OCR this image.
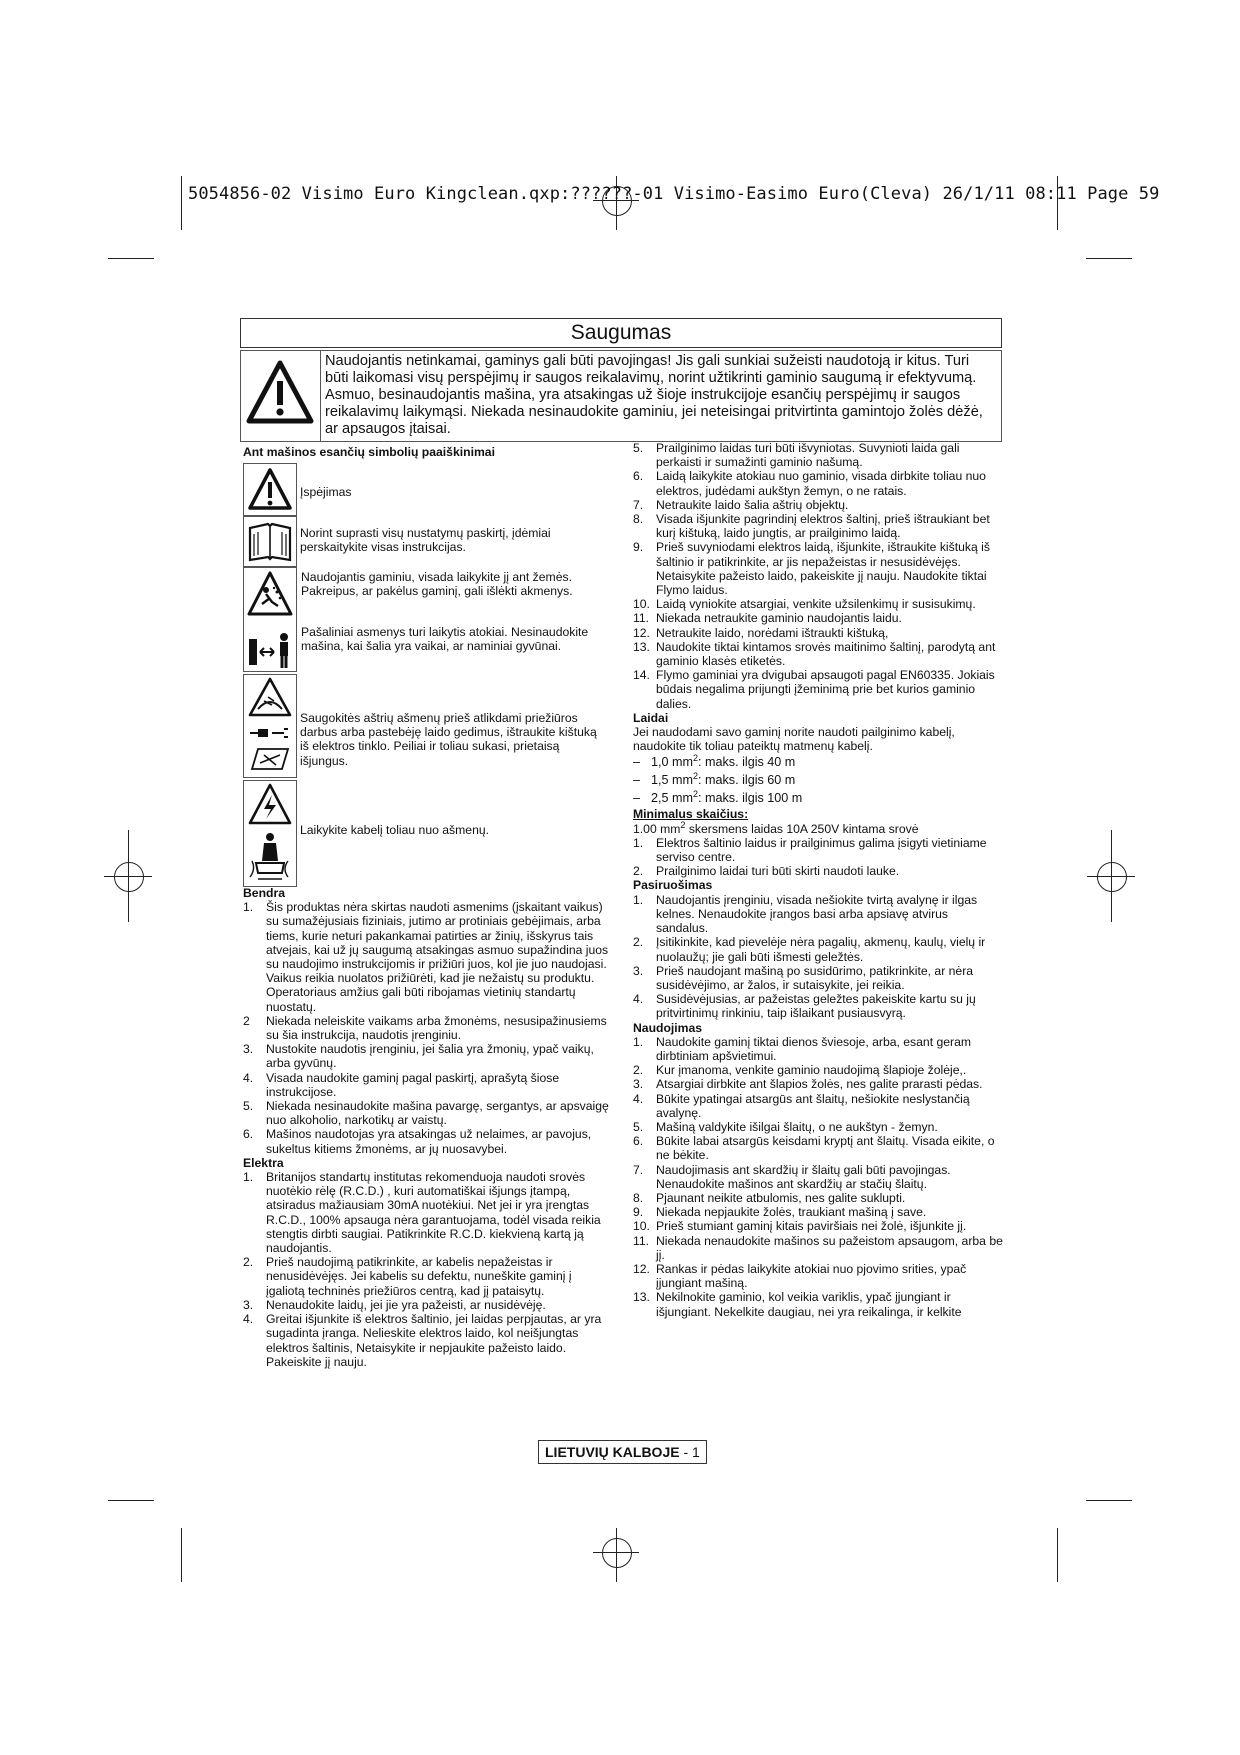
5054856-02 Visimo Euro Kingclean.qxp:??????-01 Visimo-Easimo Euro(Cleva) 26/1/11 08:11 Page 59
Saugumas
Naudojantis netinkamai, gaminys gali būti pavojingas! Jis gali sunkiai sužeisti naudotoją ir kitus. Turi būti laikomasi visų perspėjimų ir saugos reikalavimų, norint užtikrinti gaminio saugumą ir efektyvumą. Asmuo, besinaudojantis mašina, yra atsakingas už šioje instrukcijoje esančių perspėjimų ir saugos reikalavimų laikymąsi. Niekada nesinaudokite gaminiu, jei neteisingai pritvirtinta gamintojo žolės dėžė, ar apsaugos įtaisai.
Ant mašinos esančių simbolių paaiškinimai
Įspėjimas
Norint suprasti visų nustatymų paskirtį, įdėmiai perskaitykite visas instrukcijas.

Naudojantis gaminiu, visada laikykite jį ant žemės. Pakreipus, ar pakėlus gaminį, gali išlėkti akmenys.
Pašaliniai asmenys turi laikytis atokiai. Nesinaudokite mašina, kai šalia yra vaikai, ar naminiai gyvūnai.
Saugokitės aštrių ašmenų prieš atlikdami priežiūros darbus arba pastebėję laido gedimus, ištraukite kištuką iš elektros tinklo. Peiliai ir toliau sukasi, prietaisą išjungus.
Laikykite kabelį toliau nuo ašmenų.
Bendra
1. Šis produktas nėra skirtas naudoti asmenims (įskaitant vaikus) su sumažėjusiais fiziniais, jutimo ar protiniais gebėjimais, arba tiems, kurie neturi pakankamai patirties ar žinių, išskyrus tais atvejais, kai už jų saugumą atsakingas asmuo supažindina juos su naudojimo instrukcijomis ir prižiūri juos, kol jie juo naudojasi. Vaikus reikia nuolatos prižiūrėti, kad jie nežaistų su produktu. Operatoriaus amžius gali būti ribojamas vietinių standartų nuostatų.
2 Niekada neleiskite vaikams arba žmonėms, nesusipažinusiems su šia instrukcija, naudotis įrenginiu.
3. Nustokite naudotis įrenginiu, jei šalia yra žmonių, ypač vaikų, arba gyvūnų.
4. Visada naudokite gaminį pagal paskirtį, aprašytą šiose instrukcijose.
5. Niekada nesinaudokite mašina pavargę, sergantys, ar apsvaigę nuo alkoholio, narkotikų ar vaistų.
6. Mašinos naudotojas yra atsakingas už nelaimes, ar pavojus, sukeltus kitiems žmonėms, ar jų nuosavybei.
Elektra
1. Britanijos standartų institutas rekomenduoja naudoti srovės nuotėkio rėlę (R.C.D.) , kuri automatiškai išjungs įtampą, atsiradus mažiausiam 30mA nuotėkiui. Net jei ir yra įrengtas R.C.D., 100% apsauga nėra garantuojama, todėl visada reikia stengtis dirbti saugiai. Patikrinkite R.C.D. kiekvieną kartą ją naudojantis.
2. Prieš naudojimą patikrinkite, ar kabelis nepažeistas ir nenusidėvėjęs. Jei kabelis su defektu, nuneškite gaminį į įgaliotą techninės priežiūros centrą, kad jį pataisytų.
3. Nenaudokite laidų, jei jie yra pažeisti, ar nusidėvėję.
4. Greitai išjunkite iš elektros šaltinio, jei laidas perpjautas, ar yra sugadinta įranga. Nelieskite elektros laido, kol neišjungtas elektros šaltinis, Netaisykite ir nepjaukite pažeisto laido. Pakeiskite jį nauju.
5. Prailginimo laidas turi būti išvyniotas. Suvynioti laida gali perkaisti ir sumažinti gaminio našumą.
6. Laidą laikykite atokiau nuo gaminio, visada dirbkite toliau nuo elektros, judėdami aukštyn žemyn, o ne ratais.
7. Netraukite laido šalia aštrių objektų.
8. Visada išjunkite pagrindinį elektros šaltinį, prieš ištraukiant bet kurį kištuką, laido jungtis, ar prailginimo laidą.
9. Prieš suvyniodami elektros laidą, išjunkite, ištraukite kištuką iš šaltinio ir patikrinkite, ar jis nepažeistas ir nesusidėvėjęs. Netaisykite pažeisto laido, pakeiskite jį nauju. Naudokite tiktai Flymo laidus.
10. Laidą vyniokite atsargiai, venkite užsilenkimų ir susisukimų.
11. Niekada netraukite gaminio naudojantis laidu.
12. Netraukite laido, norėdami ištraukti kištuką,
13. Naudokite tiktai kintamos srovės maitinimo šaltinį, parodytą ant gaminio klasės etiketės.
14. Flymo gaminiai yra dvigubai apsaugoti pagal EN60335. Jokiais būdais negalima prijungti įžeminimą prie bet kurios gaminio dalies.
Laidai
Jei naudodami savo gaminį norite naudoti pailginimo kabelį, naudokite tik toliau pateiktų matmenų kabelį.
– 1,0 $mm^2$: maks. ilgis 40 m
– 1,5 $mm^2$: maks. ilgis 60 m
– 2,5 $mm^2$: maks. ilgis 100 m
Minimalus skaičius:
1.00 $mm^2$ skersmens laidas 10A 250V kintama srovė
1. Elektros šaltinio laidus ir prailginimus galima įsigyti vietiniame serviso centre.
2. Prailginimo laidai turi būti skirti naudoti lauke.
Pasiruošimas
1. Naudojantis įrenginiu, visada nešiokite tvirtą avalynę ir ilgas kelnes. Nenaudokite įrangos basi arba apsiavę atvirus sandalus.
2. Įsitikinkite, kad pievelėje nėra pagalių, akmenų, kaulų, vielų ir nuolaužų; jie gali būti išmesti geležtės.
3. Prieš naudojant mašiną po susidūrimo, patikrinkite, ar nėra susidėvėjimo, ar žalos, ir sutaisykite, jei reikia.
4. Susidėvėjusias, ar pažeistas geležtes pakeiskite kartu su jų pritvirtinimų rinkiniu, taip išlaikant pusiausvyrą.
Naudojimas
1. Naudokite gaminį tiktai dienos šviesoje, arba, esant geram dirbtiniam apšvietimui.
2. Kur įmanoma, venkite gaminio naudojimą šlapioje žolėje,.
3. Atsargiai dirbkite ant šlapios žolės, nes galite prarasti pėdas.
4. Būkite ypatingai atsargūs ant šlaitų, nešiokite neslystančią avalynę.
5. Mašiną valdykite išilgai šlaitų, o ne aukštyn - žemyn.
6. Būkite labai atsargūs keisdami kryptį ant šlaitų. Visada eikite, o ne bėkite.
7. Naudojimasis ant skardžių ir šlaitų gali būti pavojingas. Nenaudokite mašinos ant skardžių ar stačių šlaitų.
8. Pjaunant neikite atbulomis, nes galite suklupti.
9. Niekada nepjaukite žolės, traukiant mašiną į save.
10. Prieš stumiant gaminį kitais paviršiais nei žolė, išjunkite jį.
11. Niekada nenaudokite mašinos su pažeistom apsaugom, arba be jį.
12. Rankas ir pėdas laikykite atokiai nuo pjovimo srities, ypač įjungiant mašiną.
13. Nekilnokite gaminio, kol veikia variklis, ypač įjungiant ir išjungiant. Nekelkite daugiau, nei yra reikalinga, ir kelkite
LIETUVIŲ KALBOJE - 1
